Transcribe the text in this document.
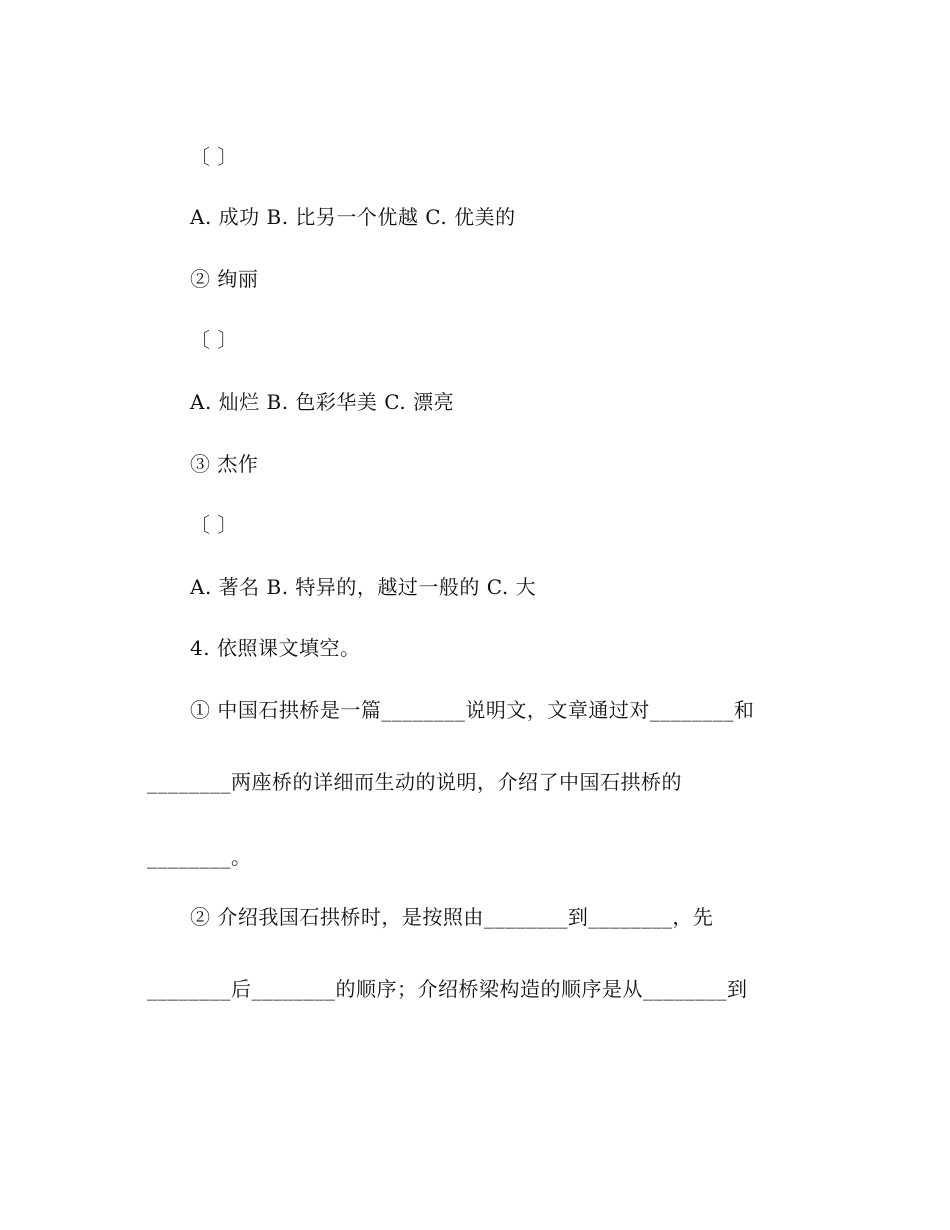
〔 〕
A. 成功 B. 比另一个优越 C. 优美的
② 绚丽
〔 〕
A. 灿烂 B. 色彩华美 C. 漂亮
③ 杰作
〔 〕
A. 著名 B. 特异的，越过一般的 C. 大
4. 依照课文填空。
① 中国石拱桥是一篇________说明文，文章通过对________和
________两座桥的详细而生动的说明，介绍了中国石拱桥的
________。
② 介绍我国石拱桥时，是按照由________到________，先
________后________的顺序；介绍桥梁构造的顺序是从________到
